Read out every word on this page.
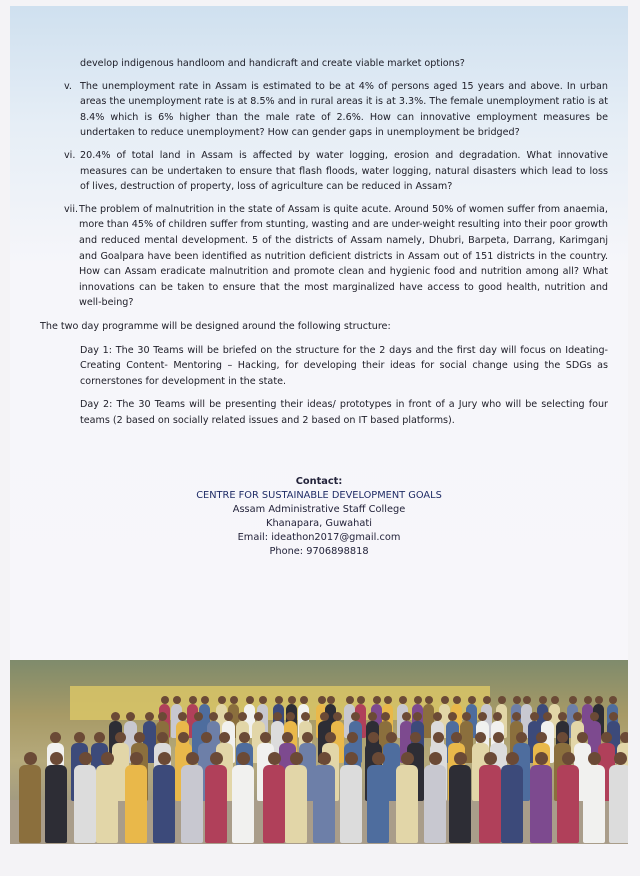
develop indigenous handloom and handicraft and create viable market options?
v. The unemployment rate in Assam is estimated to be at 4% of persons aged 15 years and above. In urban areas the unemployment rate is at 8.5% and in rural areas it is at 3.3%. The female unemployment ratio is at 8.4% which is 6% higher than the male rate of 2.6%. How can innovative employment measures be undertaken to reduce unemployment? How can gender gaps in unemployment be bridged?
vi. 20.4% of total land in Assam is affected by water logging, erosion and degradation. What innovative measures can be undertaken to ensure that flash floods, water logging, natural disasters which lead to loss of lives, destruction of property, loss of agriculture can be reduced in Assam?
vii. The problem of malnutrition in the state of Assam is quite acute. Around 50% of women suffer from anaemia, more than 45% of children suffer from stunting, wasting and are under-weight resulting into their poor growth and reduced mental development. 5 of the districts of Assam namely, Dhubri, Barpeta, Darrang, Karimganj and Goalpara have been identified as nutrition deficient districts in Assam out of 151 districts in the country. How can Assam eradicate malnutrition and promote clean and hygienic food and nutrition among all? What innovations can be taken to ensure that the most marginalized have access to good health, nutrition and well-being?
The two day programme will be designed around the following structure:
Day 1: The 30 Teams will be briefed on the structure for the 2 days and the first day will focus on Ideating-Creating Content- Mentoring – Hacking, for developing their ideas for social change using the SDGs as cornerstones for development in the state.
Day 2: The 30 Teams will be presenting their ideas/ prototypes in front of a Jury who will be selecting four teams (2 based on socially related issues and 2 based on IT based platforms).
Contact:
CENTRE FOR SUSTAINABLE DEVELOPMENT GOALS
Assam Administrative Staff College
Khanapara, Guwahati
Email: ideathon2017@gmail.com
Phone: 9706898818
